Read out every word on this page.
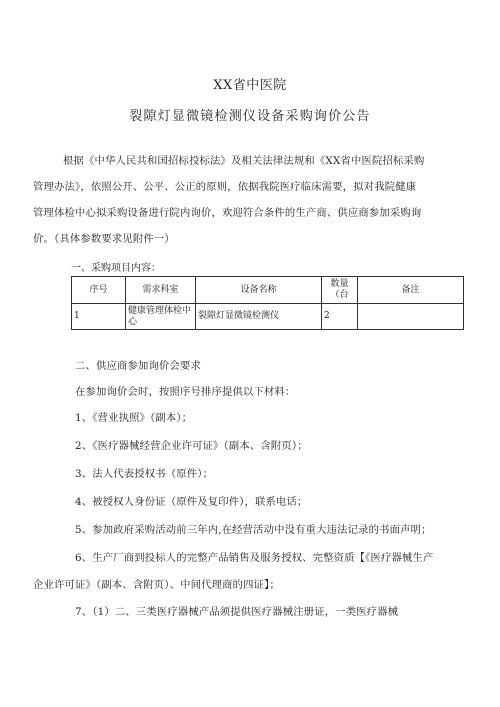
XX省中医院
裂隙灯显微镜检测仪设备采购询价公告
根据《中华人民共和国招标投标法》及相关法律法规和《XX省中医院招标采购
管理办法》，依照公开、公平、公正的原则，依据我院医疗临床需要，拟对我院健康
管理体检中心拟采购设备进行院内询价，欢迎符合条件的生产商、供应商参加采购询
价。（具体参数要求见附件一）
一、采购项目内容：
序号	需求科室	设备名称	数量（台	备注
1	健康管理体检中心	裂隙灯显微镜检测仪	2	
二、供应商参加询价会要求
在参加询价会时，按照序号排序提供以下材料：
1、《营业执照》（副本）；
2、《医疗器械经营企业许可证》（副本、含附页）；
3、法人代表授权书（原件）；
4、被授权人身份证（原件及复印件），联系电话；
5、参加政府采购活动前三年内,在经营活动中没有重大违法记录的书面声明；
6、生产厂商到投标人的完整产品销售及服务授权、完整资质【《医疗器械生产
企业许可证》（副本、含附页）、中间代理商的四证】；
7、（1）二、三类医疗器械产品须提供医疗器械注册证，一类医疗器械
